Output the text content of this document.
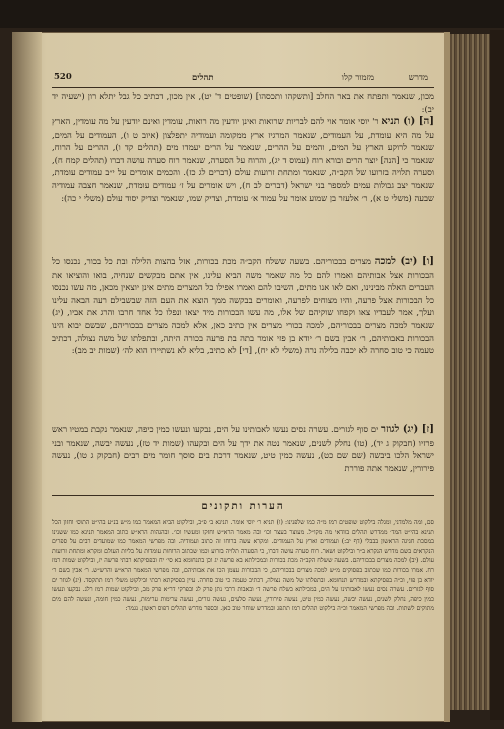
520	תהלים	מזמור קלו	מדרש
מכון, שנאמר ותפתח את באר החלב [ותשקהו ותכסהו] (שופטים ד' יט), אין מכון, דכתיב כל גבל יתלא רון (ישעיה יד יב):
[ה] (ו) תניא ר' יוסי אומר אוי להם לבריות שרואות ואינן יודעין מה רואות, עומדין ואינם יודעין על מה עומדין, הארץ על מה היא עומדת, על העמודים, שנאמר המרגיז ארץ ממקומה ועמודיה יתפלצון (איוב ט ו), העמודים על המים, שנאמר לרוקע הארץ על המים, והמים על ההרים, שנאמר על הרים יעמדו מים (תהלים קד ו), ההרים על הרוח, שנאמר כי [הנה] יוצר הרים ובורא רוח (עמוס ד יג), והרוח על הסערה, שנאמר רוח סערה עושה דברו (תהלים קמח ח), וסערה תלויה בזרועו של הקב״ה, שנאמר ומתחת זרועות עולם (דברים לג כז). והכמים אומרים על י״ב עמודים עומדת, שנאמר יצב גבולות עמים למספר בני ישראל (דברים לב ח), ויש אומרים על ז׳ עמודים עומדת, שנאמר חצבה עמודיה שבעה (משלי ט א), ר׳ אלעזר בן שמוע אומר על עמוד א׳ עומדת, וצדיק שמו, שנאמר וצדיק יסוד עולם (משלי י כה):
[ו] (יב) למכה מצרים בבכוריהם. בשעה ששלח הקב״ה מכת בכורות, אזל בהצות הלילה ובת כל בכור, נכנסו כל הבכורות אצל אבותיהם ואמרו להם כל מה שאמר משה הביא עלינו, אין אתם מבקשים שנחיה, בואו והוציאו את העברים האלה מבינינו, ואם לאו אנו מתים, השיבו להם ואמרו אפילו כל המצרים מתים אינן יוצאין מכאן, מה עשו נכנסו כל הבכורות אצל פרעה, והיו מצוחים לפרעה, ואומרים בבקשה ממך הוצא את העם הזה שבשבילם רעה הבאה עלינו ועלך, אמר לעבדיו צאו וקפחו שוקיהם של אלו, מה עשו הבכורות מיד יצאו ונפלו כל אחד חרבו והרג את אביו, (יג) שנאמר למכה מצרים בבכוריהם, למכה בכורי מצרים אין כתיב כאן, אלא למכה מצרים בבכוריהם, שבשם יבוא הינו הבכורות באבותיהם, ר׳ אבין בשם ר׳ יודא בן פזי אומר בתה בת פרעה בכורה היתה, ובתפלתו של משה נצולה, דכתיב טעמה כי טוב סחרה לא יכבה בלילה נרה (משלי לא יח), [די] לא כתיב, בליא לא נשתיירו הוא לה׳ (שמות יב מב):
[ז] (יג) לגוזר ים סוף לגזרים. עשרה נסים נעשו לאבותינו על הים, נבקעו ונעשו כמין כיפה, שנאמר נקבת במטיו ראש פרזיו (חבקוק ג יד), (טו) נחלק לשנים, שנאמר נטה את ידך על הים ובקעהו (שמות יד טז), נעשה יבשה, שנאמר ובני ישראל הלכו ביבשה (שם שם כט), נעשה כמין טיט, שנאמר דרכת בים סוסך חומר מים רבים (חבקוק ג טו), נעשה פירורין, שנאמר אתה פוררת
הערות ותקונים
סם, ומה מלמדני, ומגלה בילקוט שופטים רמז מ״ה כמו שלפנינו: (ו) תניא ר׳ יוסי אומר. תנינא ב׳ פ״ב, ובילקוט הביא המאמר כמו מ״ש בנ״ע בהי״ט התוס׳ וחזון הכל תנינא בהי״ט המד׳ ממדרש תהלים בוודאי מה מקו״ל. מעוצר בעצר וכו׳ ובה מאמר הרא״ש וחזקו ומעשיו וכו׳. ובהגהות הרא״ש כתוב המאמר תנינא כמו ששנינו במסכת חגיגה הראשון בבבלי (דף יב:) ועמודים וארץ על העמודים. ומקרא עשה ברוחו זה כתוב ועמודיה. ובה מפרשי המאמר כמו שמועדים רבים על ספרים הנקראים בשם מדרש הנקרא ב״ר ובילקוט ושאר. רוח סערה עושה דברו, כי הסערה תלויה בזרוע וכמו שכתוב הרוחות עומדות על בליות העולם ומקרא ומתחת זרועות עולם. (יב) למכה מצרים בבכוריהם. בשעה ששלח הקב״ה מכת בכורות ובמכילתא בא פרשה יג וכן בתנחומא בא סי׳ יח ובפסיקתא רבתי פרשה יז, ובילקוט שמות רמז רח. אמרו בכורות כמו שכתוב בפסוקים מ״ש למכה מצרים בבכוריהם, כי הבכורות עצמן הכו את אבותיהם, ובה מפרשי המאמר הרא״ש והרש״ש. ר׳ אבין בשם ר׳ יודא בן פזי, וכ״ה בפסיקתא ובמדרש תנחומא. ובתפלתו של משה נצולה, דכתיב טעמה כי טוב סחרה. עיין בפסיקתא רבתי ובילקוט משלי רמז תתקסד. (יג) לגוזר ים סוף לגזרים. עשרה נסים נעשו לאבותינו על הים, במכילתא בשלח פרשה ד׳ ובאבות דרבי נתן פרק לג ובפרקי דר״א פרק מב, ובילקוט שמות רמז רלג. נבקעו ונעשו כמין כיפה, נחלק לשנים, נעשה יבשה, נעשה כמין טיט, נעשה פירורין, נעשה סלעים, נעשה גזרים, נעשה ערימות ערימות, נעשה כמין חומה, ונעשה להם מים מתוקים לשתות. ובה מפרשי המאמר וכ״ה בילקוט תהלים רמז תתפג ובמדרש שוחר טוב כאן. ובספר מדרש תהלים דפוס ראשון. נגמר:
